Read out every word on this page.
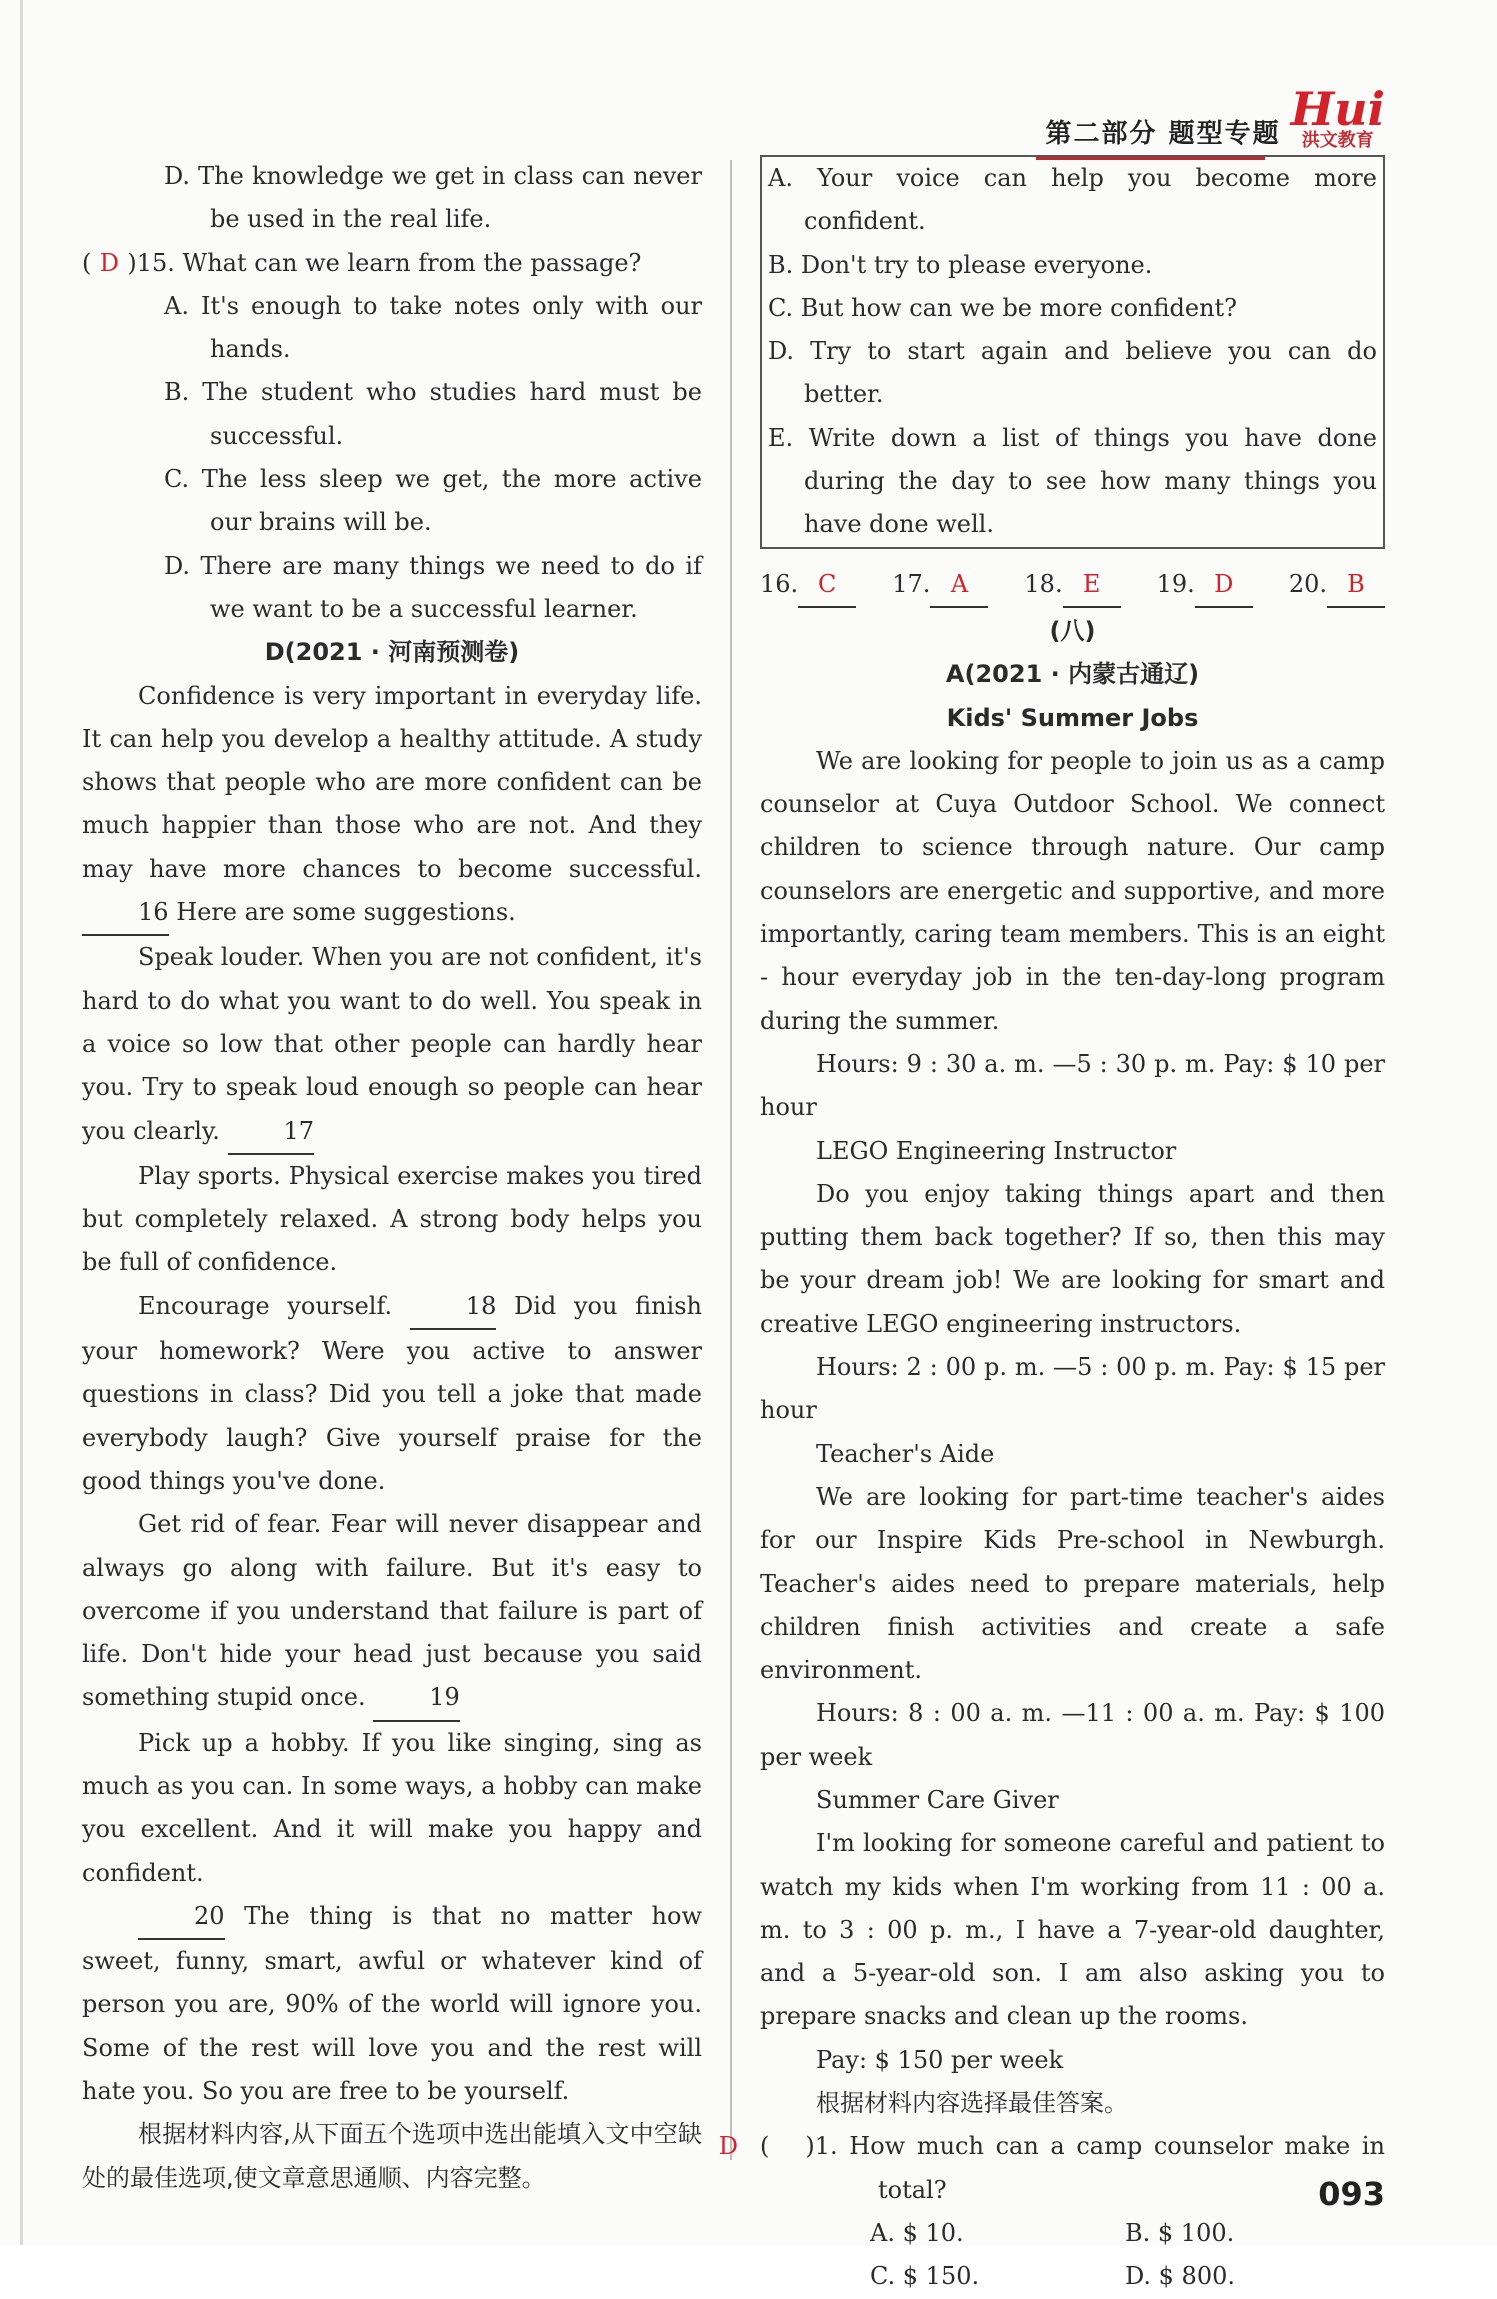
第二部分 题型专题 Hui
洪文教育

D. The knowledge we get in class can never be used in the real life.

( D )15. What can we learn from the passage?

A. It's enough to take notes only with our hands.

B. The student who studies hard must be successful.

C. The less sleep we get, the more active our brains will be.

D. There are many things we need to do if we want to be a successful learner.

D(2021 · 河南预测卷)

Confidence is very important in everyday life. It can help you develop a healthy attitude. A study shows that people who are more confident can be much happier than those who are not. And they may have more chances to become successful. 16 Here are some suggestions.

Speak louder. When you are not confident, it's hard to do what you want to do well. You speak in a voice so low that other people can hardly hear you. Try to speak loud enough so people can hear you clearly.	17

Play sports. Physical exercise makes you tired but completely relaxed. A strong body helps you be full of confidence.

Encourage yourself.	18 Did you finish your homework? Were you active to answer questions in class? Did you tell a joke that made everybody laugh? Give yourself praise for the good things you've done.

Get rid of fear. Fear will never disappear and always go along with failure. But it's easy to overcome if you understand that failure is part of life. Don't hide your head just because you said something stupid once.	19

Pick up a hobby. If you like singing, sing as much as you can. In some ways, a hobby can make you excellent. And it will make you happy and confident.

20 The thing is that no matter how sweet, funny, smart, awful or whatever kind of person you are, 90% of the world will ignore you. Some of the rest will love you and the rest will hate you. So you are free to be yourself.

根据材料内容,从下面五个选项中选出能填入文中空缺处的最佳选项,使文章意思通顺、内容完整。

A. Your voice can help you become more confident.

B. Don't try to please everyone.

C. But how can we be more confident?

D. Try to start again and believe you can do better.

E. Write down a list of things you have done during the day to see how many things you have done well.

16. C	17. A	18. E	19. D	20. B

(八)

A(2021 · 内蒙古通辽)

Kids' Summer Jobs

We are looking for people to join us as a camp counselor at Cuya Outdoor School. We connect children to science through nature. Our camp counselors are energetic and supportive, and more importantly, caring team members. This is an eight - hour everyday job in the ten-day-long program during the summer.

Hours: 9 : 30 a. m. —5 : 30 p. m. Pay: $ 10 per hour

LEGO Engineering Instructor

Do you enjoy taking things apart and then putting them back together? If so, then this may be your dream job! We are looking for smart and creative LEGO engineering instructors.

Hours: 2 : 00 p. m. —5 : 00 p. m. Pay: $ 15 per hour

Teacher's Aide

We are looking for part-time teacher's aides for our Inspire Kids Pre-school in Newburgh. Teacher's aides need to prepare materials, help children finish activities and create a safe environment.

Hours: 8 : 00 a. m. —11 : 00 a. m. Pay: $ 100 per week

Summer Care Giver

I'm looking for someone careful and patient to watch my kids when I'm working from 11 : 00 a. m. to 3 : 00 p. m., I have a 7-year-old daughter, and a 5-year-old son. I am also asking you to prepare snacks and clean up the rooms.

Pay: $ 150 per week

根据材料内容选择最佳答案。

(D	)1. How much can a camp counselor make in total?

A. $ 10.	B. $ 100.
C. $ 150.	D. $ 800.
093
